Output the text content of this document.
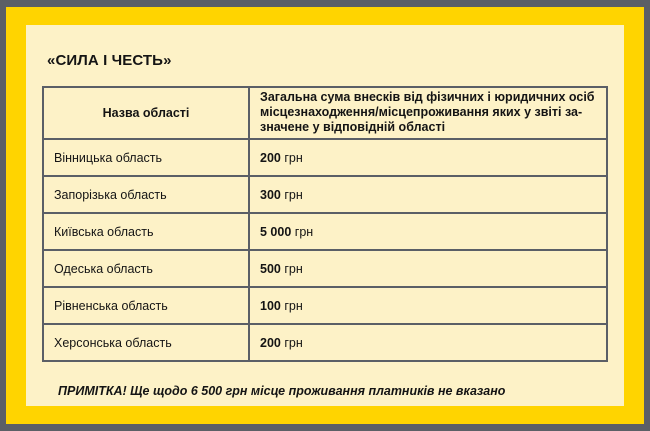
«СИЛА І ЧЕСТЬ»
Назва області	Загальна сума внесків від фізичних і юридичних осіб місцезнаходження/місцепроживання яких у звіті за-значене у відповідній області
Вінницька область	200 грн
Запорізька область	300 грн
Київська область	5 000 грн
Одеська область	500 грн
Рівненська область	100 грн
Херсонська область	200 грн

ПРИМІТКА! Ще щодо 6 500 грн місце проживання платників не вказано
